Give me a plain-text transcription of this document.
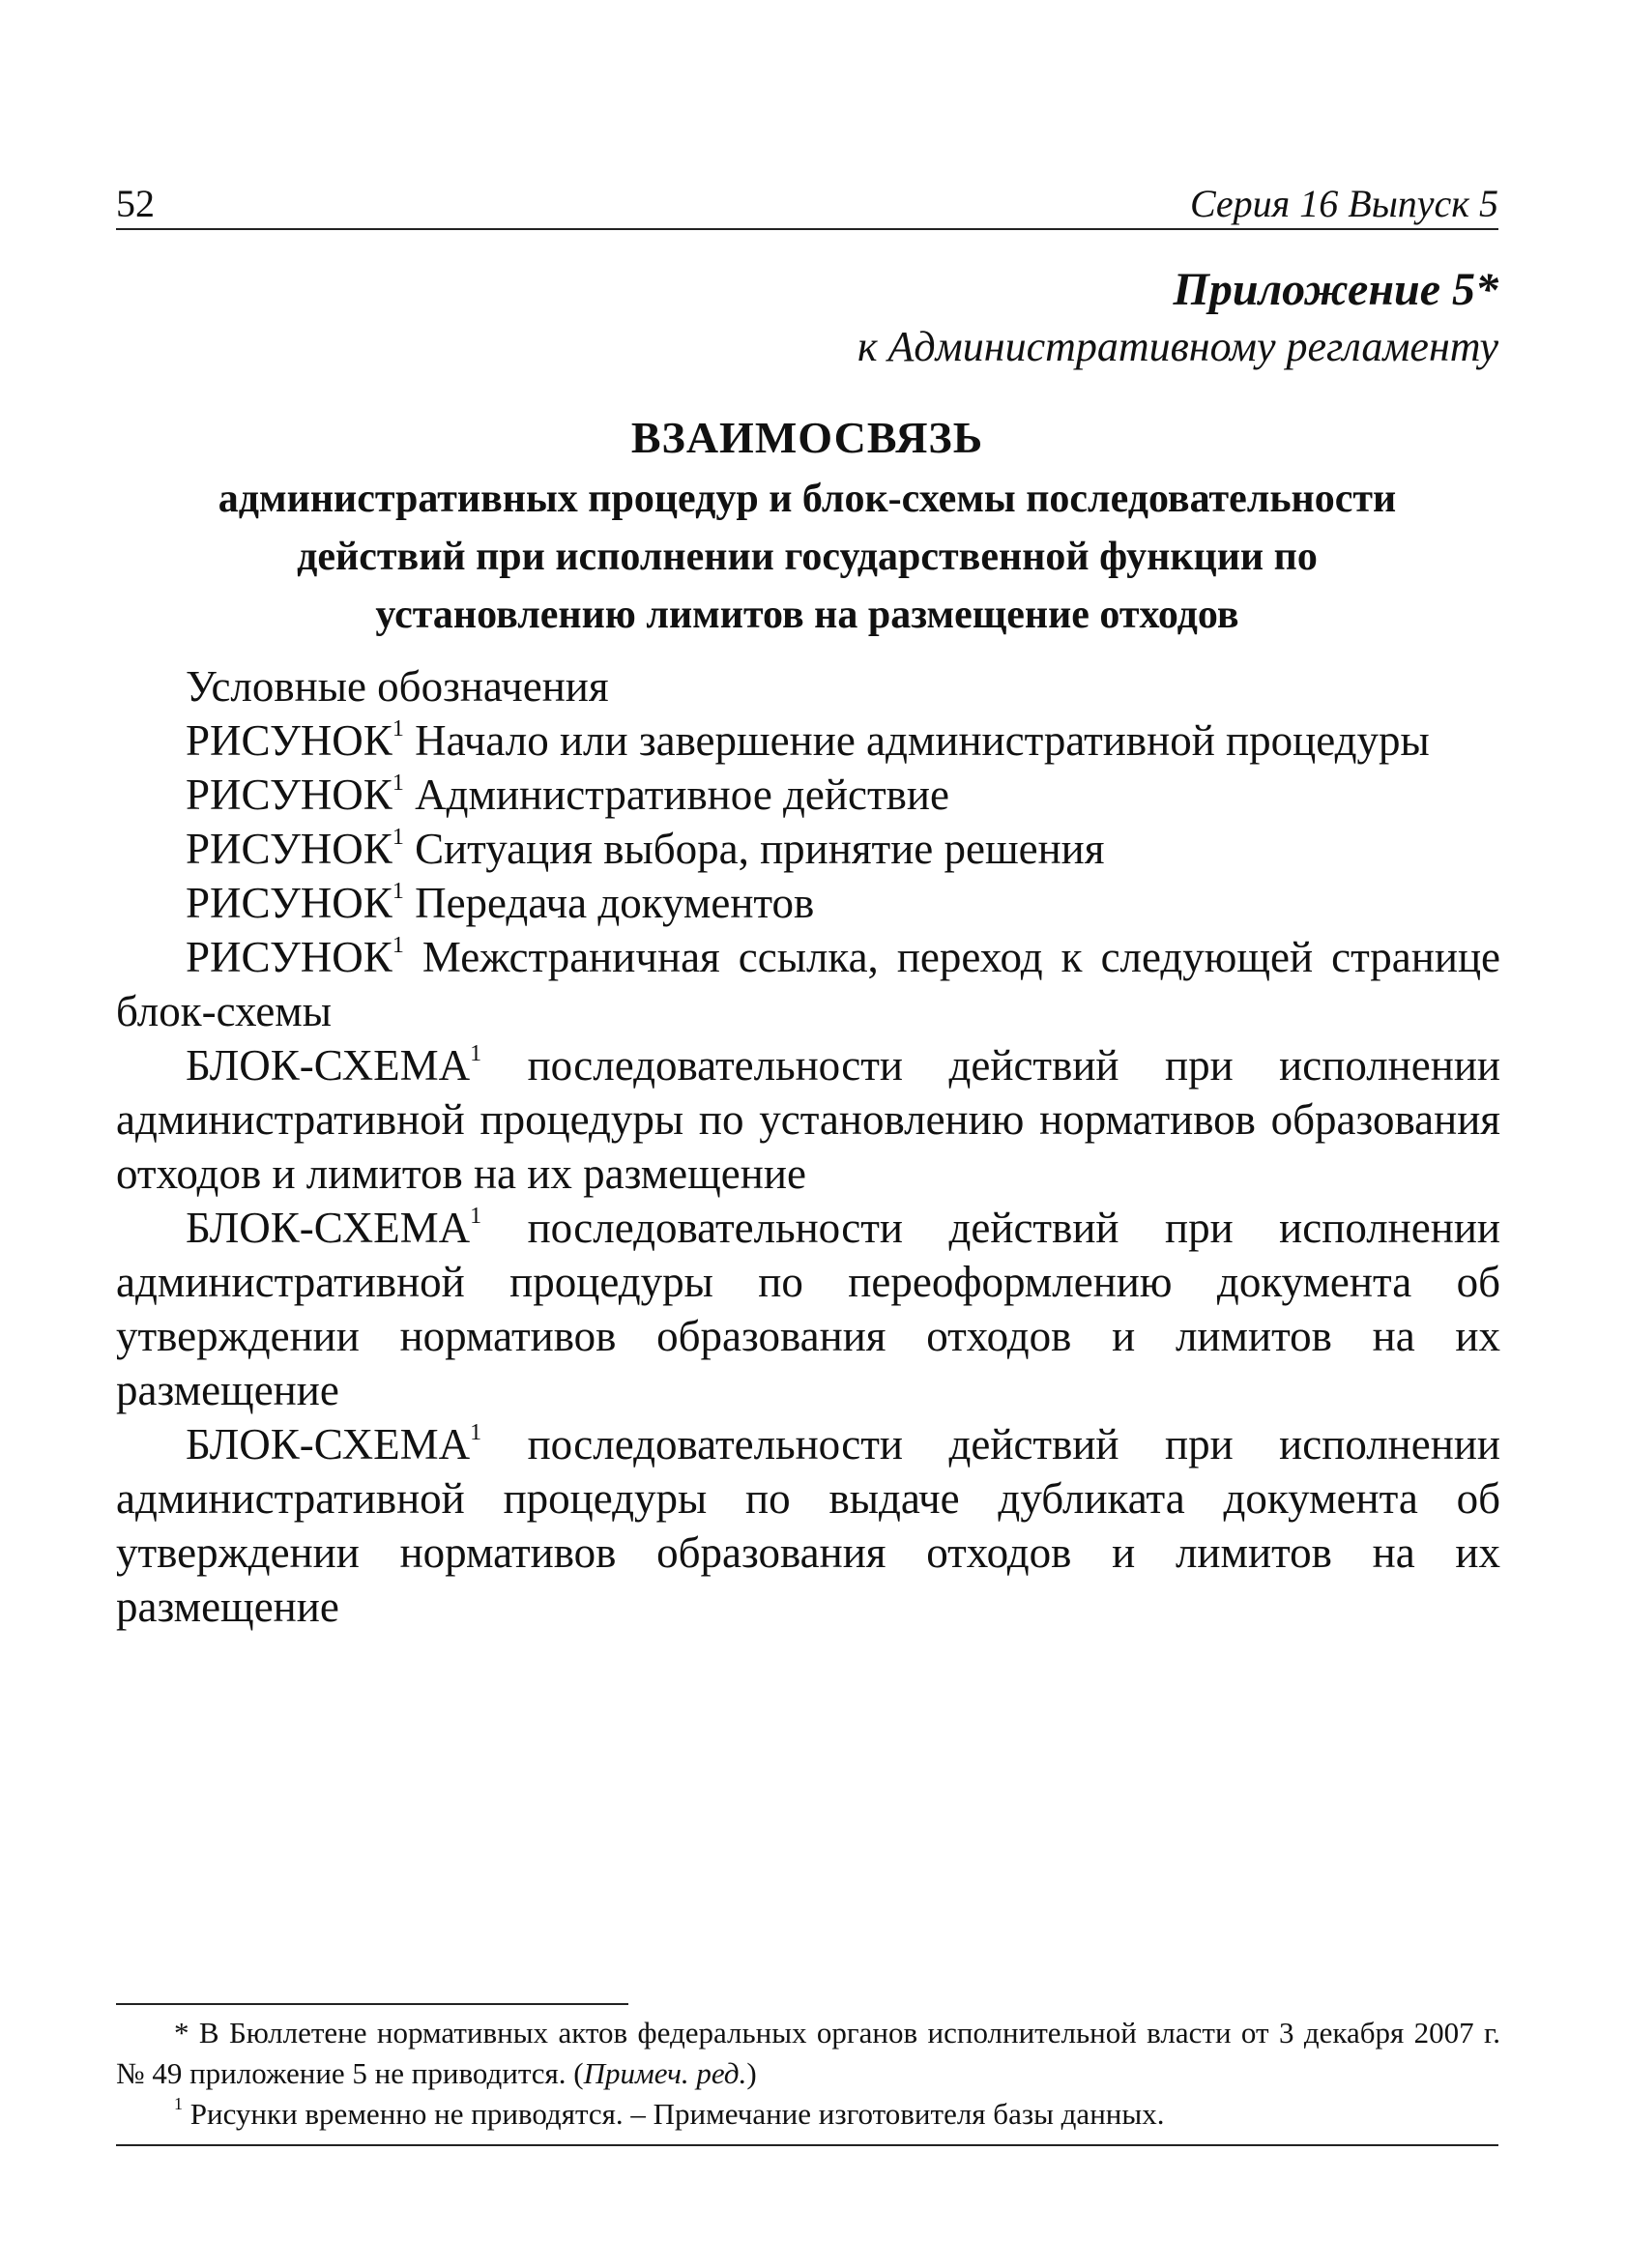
52	Серия 16 Выпуск 5
Приложение 5*
к Административному регламенту
ВЗАИМОСВЯЗЬ
административных процедур и блок-схемы последовательности
действий при исполнении государственной функции по
установлению лимитов на размещение отходов

Условные обозначения

РИСУНОК$^1$ Начало или завершение административной процедуры

РИСУНОК$^1$ Административное действие

РИСУНОК$^1$ Ситуация выбора, принятие решения

РИСУНОК$^1$ Передача документов

РИСУНОК$^1$ Межстраничная ссылка, переход к следующей странице блок-схемы

БЛОК-СХЕМА$^1$ последовательности действий при исполнении административной процедуры по установлению нормативов образования отходов и лимитов на их размещение

БЛОК-СХЕМА$^1$ последовательности действий при исполнении административной процедуры по переоформлению документа об утверждении нормативов образования отходов и лимитов на их размещение

БЛОК-СХЕМА$^1$ последовательности действий при исполнении административной процедуры по выдаче дубликата документа об утверждении нормативов образования отходов и лимитов на их размещение

* В Бюллетене нормативных актов федеральных органов исполнительной власти от 3 декабря 2007 г. № 49 приложение 5 не приводится. (Примеч. ред.)

$^1$ Рисунки временно не приводятся. – Примечание изготовителя базы данных.
